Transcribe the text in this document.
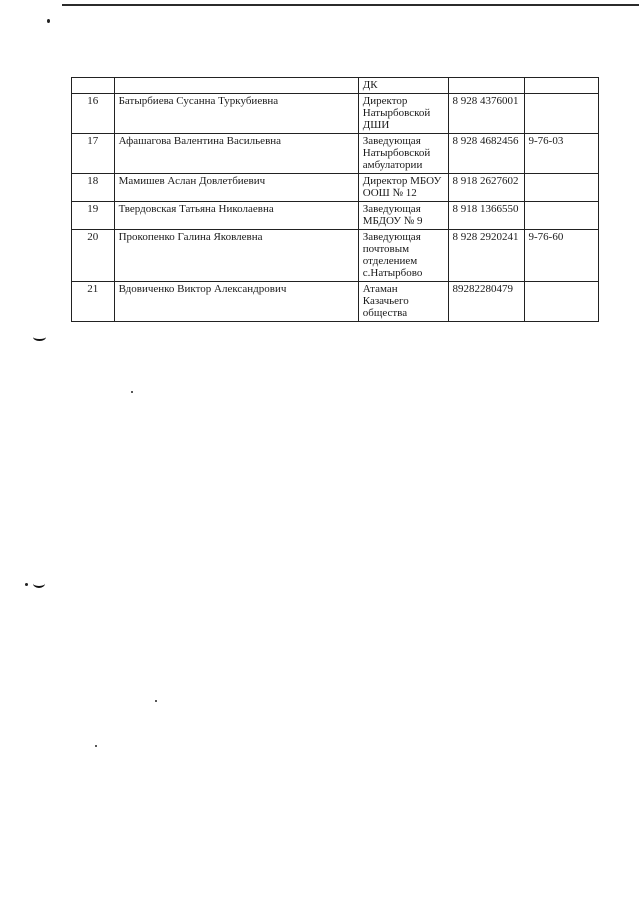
		ДК		
16	Батырбиева Сусанна Туркубиевна	Директор
Натырбовской
ДШИ	8 928 4376001	
17	Афашагова Валентина Васильевна	Заведующая
Натырбовской
амбулатории	8 928 4682456	9-76-03
18	Мамишев Аслан Довлетбиевич	Директор МБОУ
ООШ № 12	8 918 2627602	
19	Твердовская Татьяна Николаевна	Заведующая
МБДОУ № 9	8 918 1366550	
20	Прокопенко Галина Яковлевна	Заведующая
почтовым
отделением
с.Натырбово	8 928 2920241	9-76-60
21	Вдовиченко Виктор Александрович	Атаман
Казачьего
общества	89282280479	
